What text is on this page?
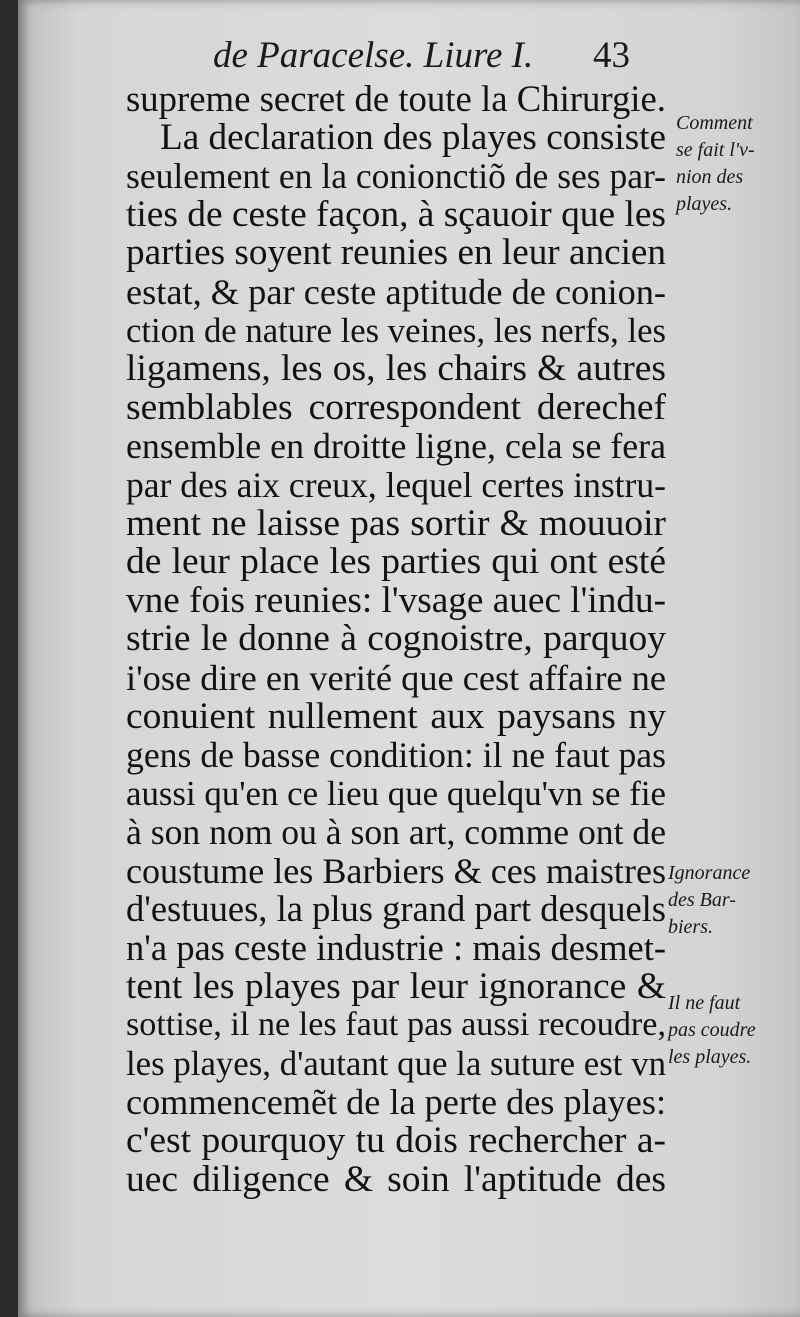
de Paracelse. Liure I. 43
supreme secret de toute la Chirurgie.
La declaration des playes consiste
seulement en la conionctiõ de ses par-
ties de ceste façon, à sçauoir que les
parties soyent reunies en leur ancien
estat, & par ceste aptitude de conion-
ction de nature les veines, les nerfs, les
ligamens, les os, les chairs & autres
semblables correspondent derechef
ensemble en droitte ligne, cela se fera
par des aix creux, lequel certes instru-
ment ne laisse pas sortir & mouuoir
de leur place les parties qui ont esté
vne fois reunies: l'vsage auec l'indu-
strie le donne à cognoistre, parquoy
i'ose dire en verité que cest affaire ne
conuient nullement aux paysans ny
gens de basse condition: il ne faut pas
aussi qu'en ce lieu que quelqu'vn se fie
à son nom ou à son art, comme ont de
coustume les Barbiers & ces maistres
d'estuues, la plus grand part desquels
n'a pas ceste industrie : mais desmet-
tent les playes par leur ignorance &
sottise, il ne les faut pas aussi recoudre,
les playes, d'autant que la suture est vn
commencemẽt de la perte des playes:
c'est pourquoy tu dois rechercher a-
uec diligence & soin l'aptitude des
Comment
se fait l'v-
nion des
playes.
Ignorance
des Bar-
biers.
Il ne faut
pas coudre
les playes.
